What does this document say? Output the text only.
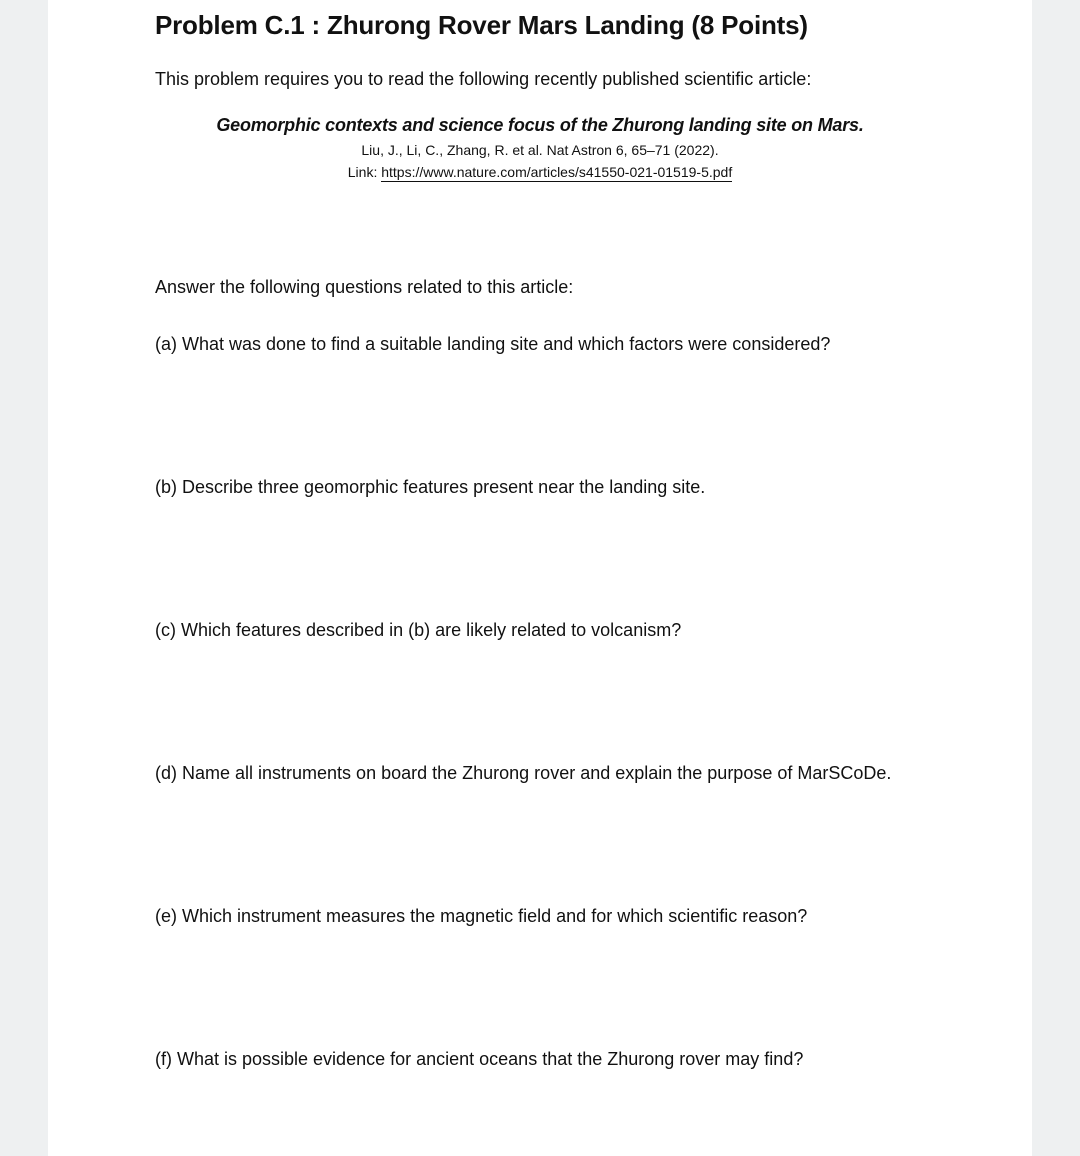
Problem C.1 : Zhurong Rover Mars Landing (8 Points)
This problem requires you to read the following recently published scientific article:
Geomorphic contexts and science focus of the Zhurong landing site on Mars.
Liu, J., Li, C., Zhang, R. et al. Nat Astron 6, 65–71 (2022).
Link: https://www.nature.com/articles/s41550-021-01519-5.pdf
Answer the following questions related to this article:
(a) What was done to find a suitable landing site and which factors were considered?
(b) Describe three geomorphic features present near the landing site.
(c) Which features described in (b) are likely related to volcanism?
(d) Name all instruments on board the Zhurong rover and explain the purpose of MarSCoDe.
(e) Which instrument measures the magnetic field and for which scientific reason?
(f) What is possible evidence for ancient oceans that the Zhurong rover may find?
